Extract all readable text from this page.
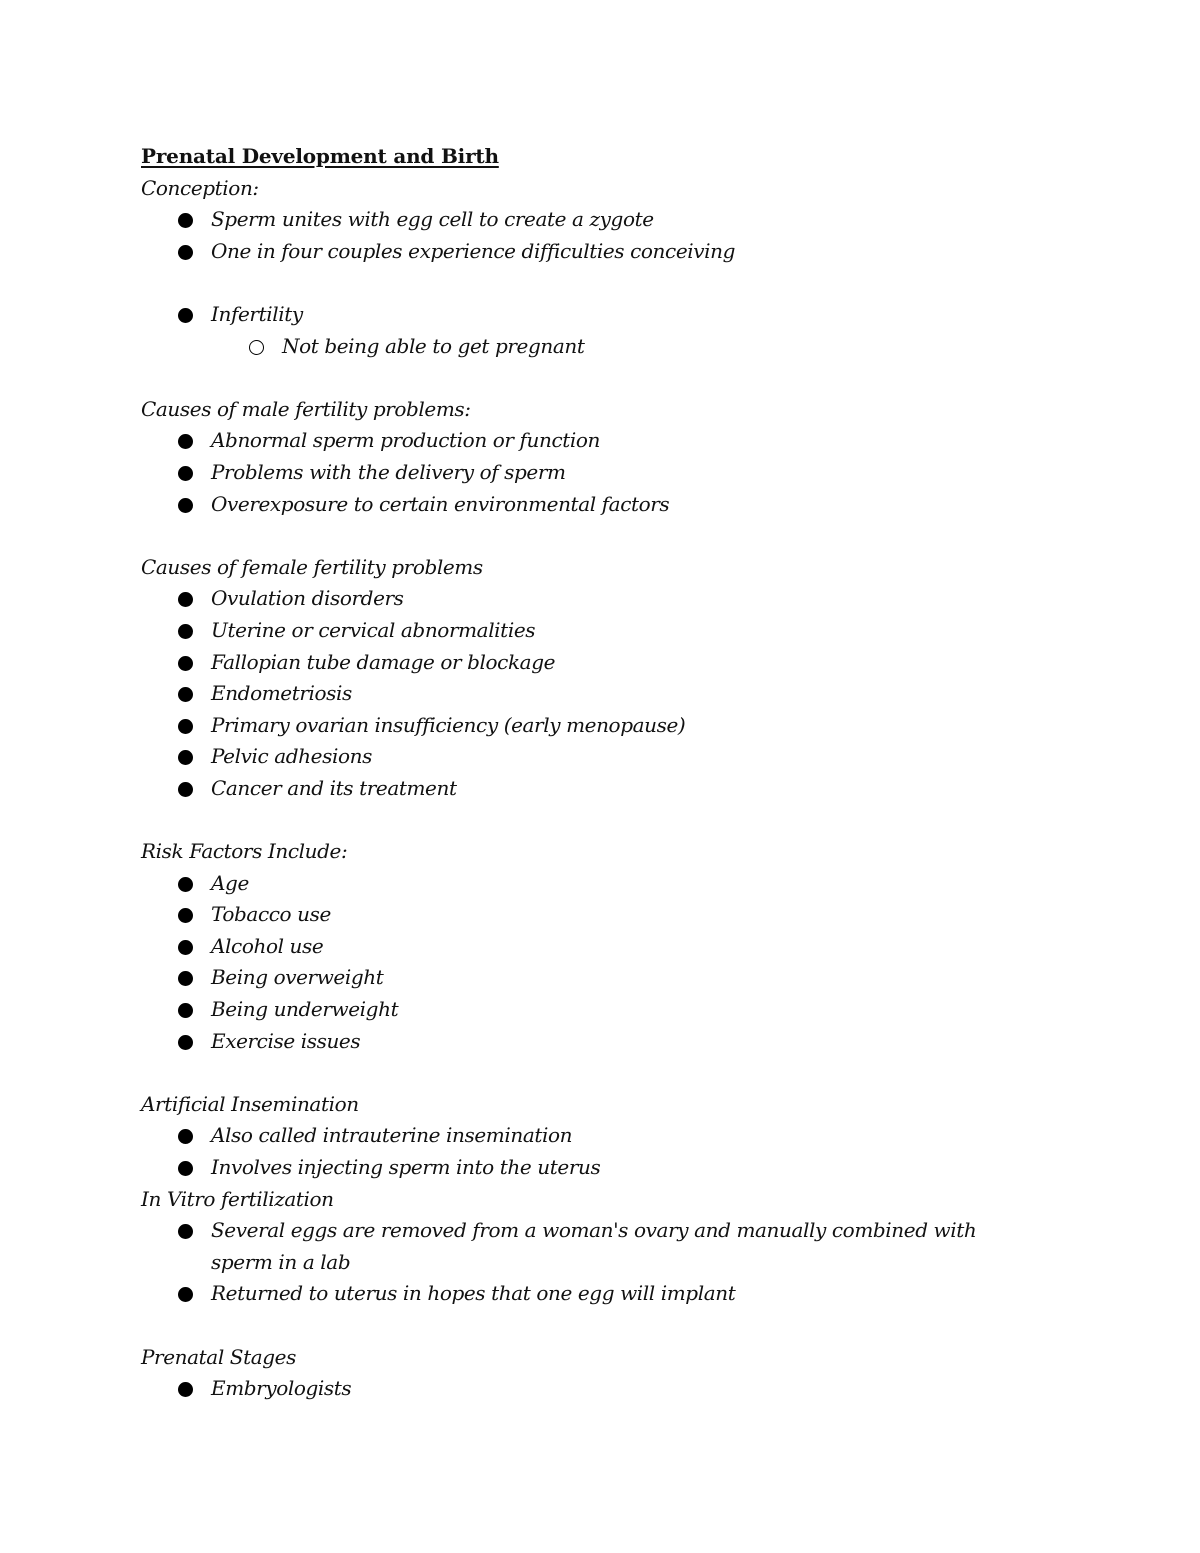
Prenatal Development and Birth
Conception:
Sperm unites with egg cell to create a zygote
One in four couples experience difficulties conceiving
Infertility
Not being able to get pregnant
Causes of male fertility problems:
Abnormal sperm production or function
Problems with the delivery of sperm
Overexposure to certain environmental factors
Causes of female fertility problems
Ovulation disorders
Uterine or cervical abnormalities
Fallopian tube damage or blockage
Endometriosis
Primary ovarian insufficiency (early menopause)
Pelvic adhesions
Cancer and its treatment
Risk Factors Include:
Age
Tobacco use
Alcohol use
Being overweight
Being underweight
Exercise issues
Artificial Insemination
Also called intrauterine insemination
Involves injecting sperm into the uterus
In Vitro fertilization
Several eggs are removed from a woman's ovary and manually combined with sperm in a lab
Returned to uterus in hopes that one egg will implant
Prenatal Stages
Embryologists
